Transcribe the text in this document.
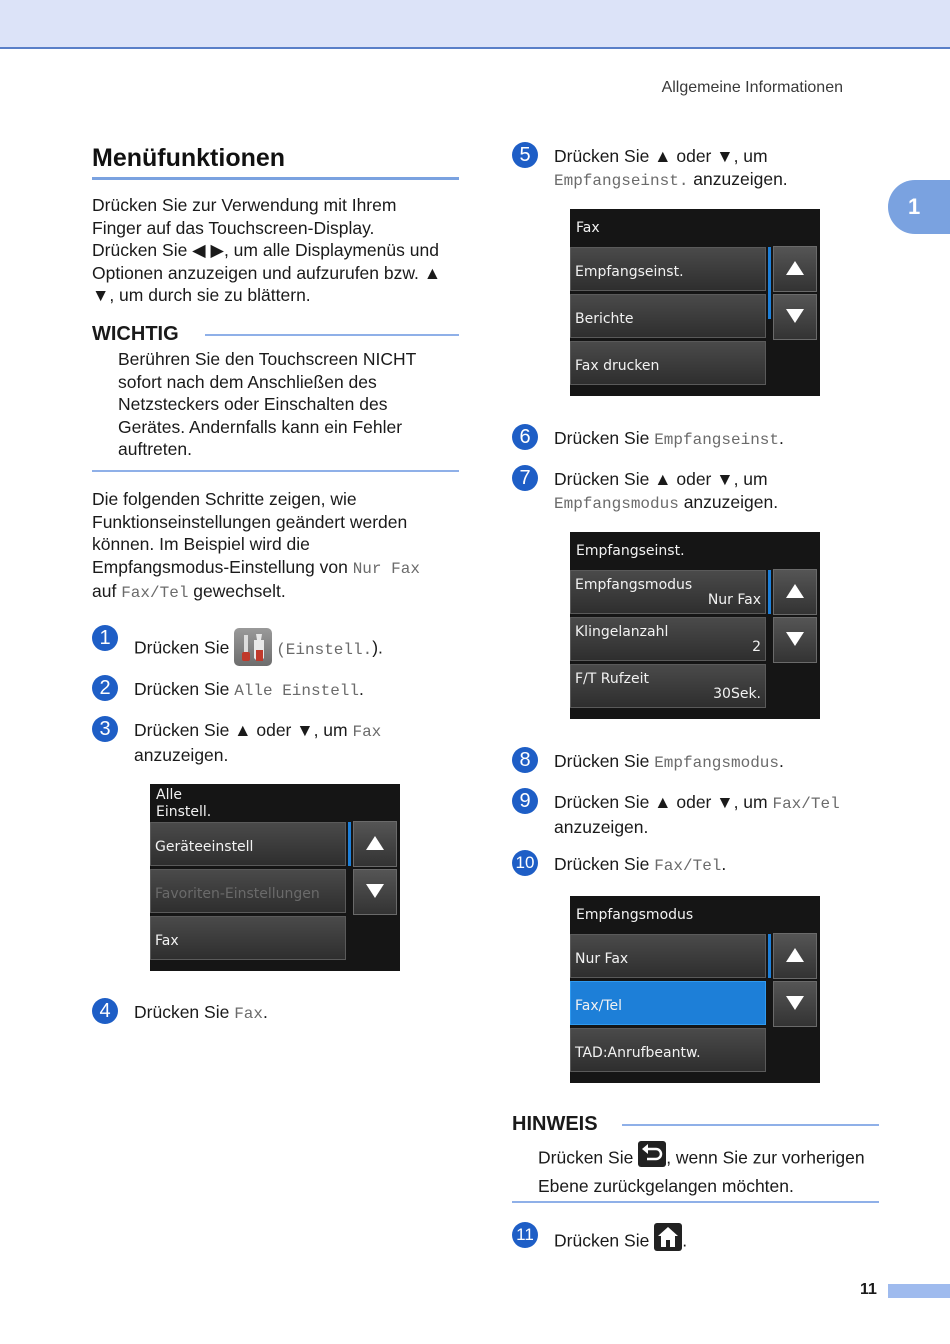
Allgemeine Informationen
1
Menüfunktionen
Drücken Sie zur Verwendung mit Ihrem
Finger auf das Touchscreen-Display.
Drücken Sie ◀ ▶, um alle Displaymenüs und
Optionen anzuzeigen und aufzurufen bzw. ▲
▼, um durch sie zu blättern.
WICHTIG
Berühren Sie den Touchscreen NICHT
sofort nach dem Anschließen des
Netzsteckers oder Einschalten des
Gerätes. Andernfalls kann ein Fehler
auftreten.
Die folgenden Schritte zeigen, wie
Funktionseinstellungen geändert werden
können. Im Beispiel wird die
Empfangsmodus-Einstellung von Nur Fax
auf Fax/Tel gewechselt.
1	Drücken Sie	(Einstell.).
2	Drücken Sie Alle Einstell.
3	Drücken Sie ▲ oder ▼, um Fax
anzuzeigen.
Alle
Einstell.
Geräteeinstell
Favoriten-Einstellungen
Fax
4	Drücken Sie Fax.
5	Drücken Sie ▲ oder ▼, um
Empfangseinst. anzuzeigen.
Fax
Empfangseinst.
Berichte
Fax drucken
6	Drücken Sie Empfangseinst.
7	Drücken Sie ▲ oder ▼, um
Empfangsmodus anzuzeigen.
Empfangseinst.
Empfangsmodus
Nur Fax
Klingelanzahl
2
F/T Rufzeit
30Sek.
8	Drücken Sie Empfangsmodus.
9	Drücken Sie ▲ oder ▼, um Fax/Tel
anzuzeigen.
10 Drücken Sie Fax/Tel.
Empfangsmodus
Nur Fax
Fax/Tel
TAD:Anrufbeantw.
HINWEIS
Drücken Sie , wenn Sie zur vorherigen
Ebene zurückgelangen möchten.
11 Drücken Sie .
11
